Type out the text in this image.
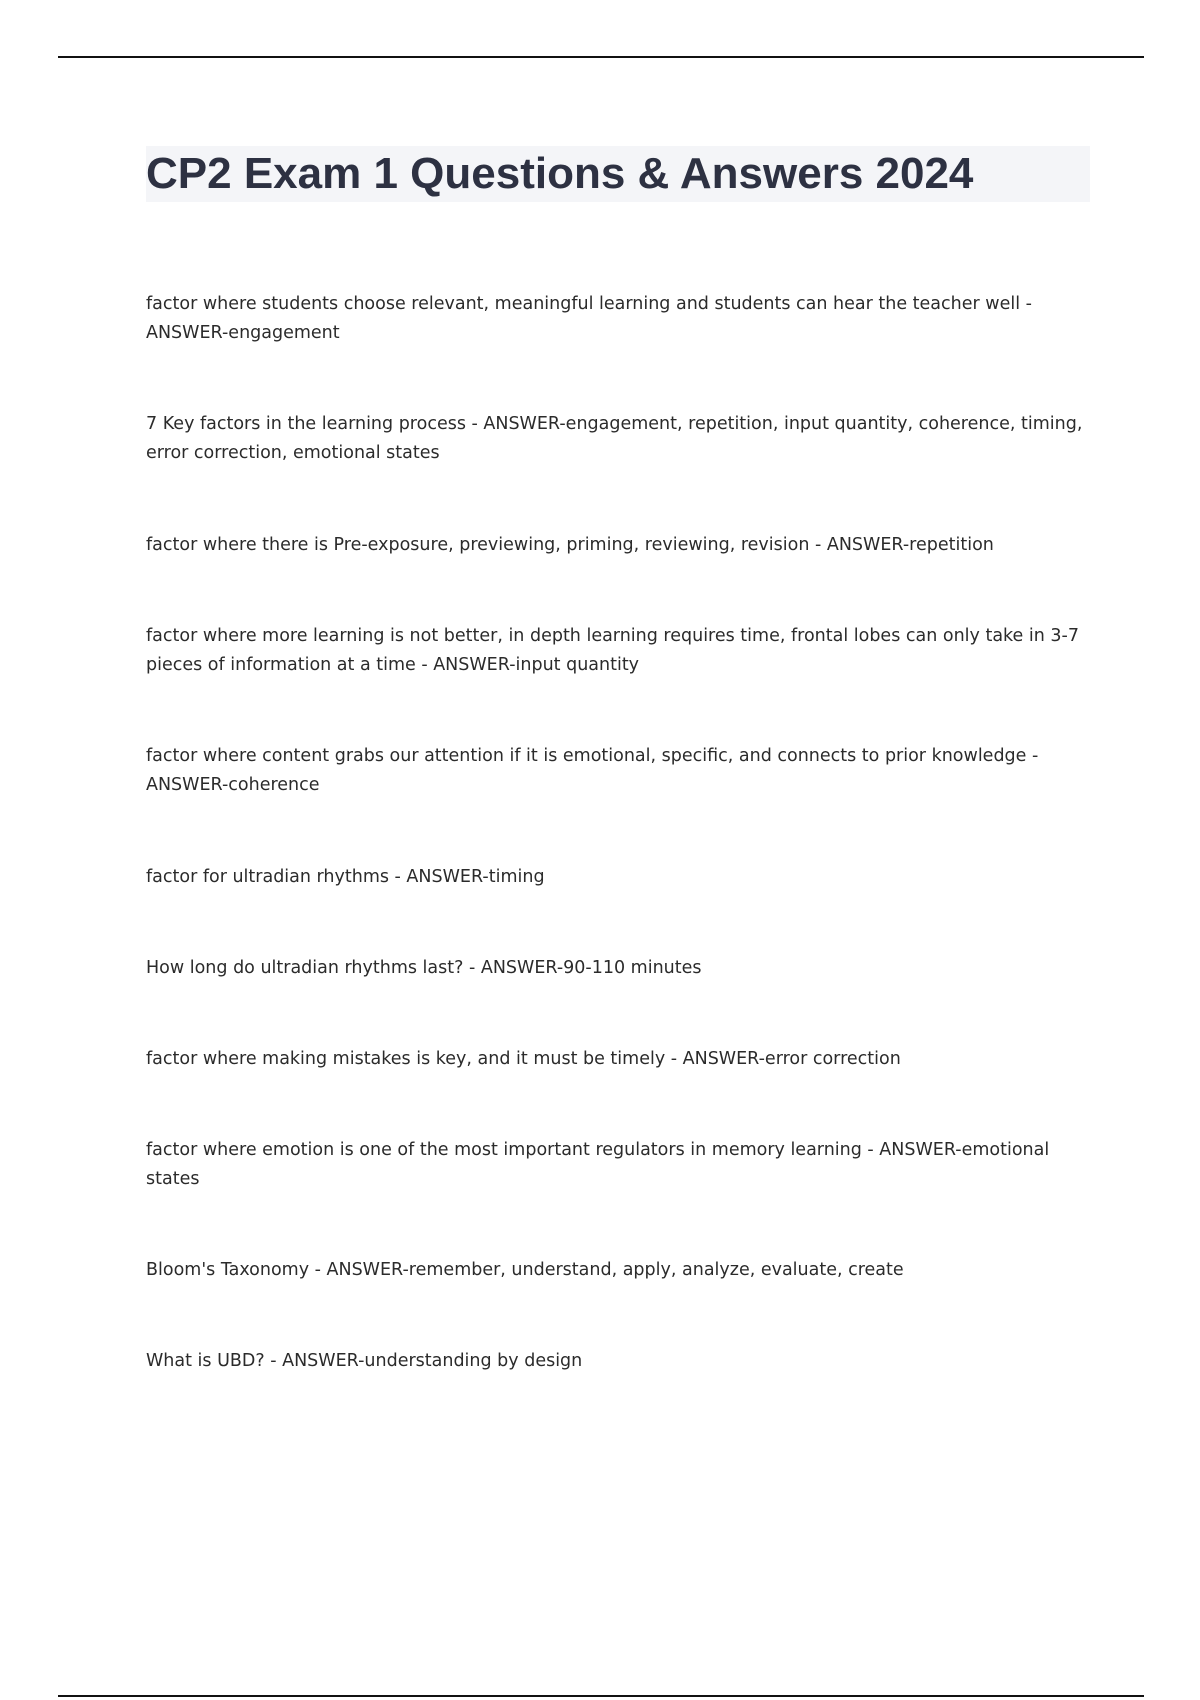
CP2 Exam 1 Questions & Answers 2024

factor where students choose relevant, meaningful learning and students can hear the teacher well - ANSWER-engagement

7 Key factors in the learning process - ANSWER-engagement, repetition, input quantity, coherence, timing, error correction, emotional states

factor where there is Pre-exposure, previewing, priming, reviewing, revision - ANSWER-repetition

factor where more learning is not better, in depth learning requires time, frontal lobes can only take in 3-7 pieces of information at a time - ANSWER-input quantity

factor where content grabs our attention if it is emotional, specific, and connects to prior knowledge - ANSWER-coherence

factor for ultradian rhythms - ANSWER-timing

How long do ultradian rhythms last? - ANSWER-90-110 minutes

factor where making mistakes is key, and it must be timely - ANSWER-error correction

factor where emotion is one of the most important regulators in memory learning - ANSWER-emotional states

Bloom's Taxonomy - ANSWER-remember, understand, apply, analyze, evaluate, create

What is UBD? - ANSWER-understanding by design
